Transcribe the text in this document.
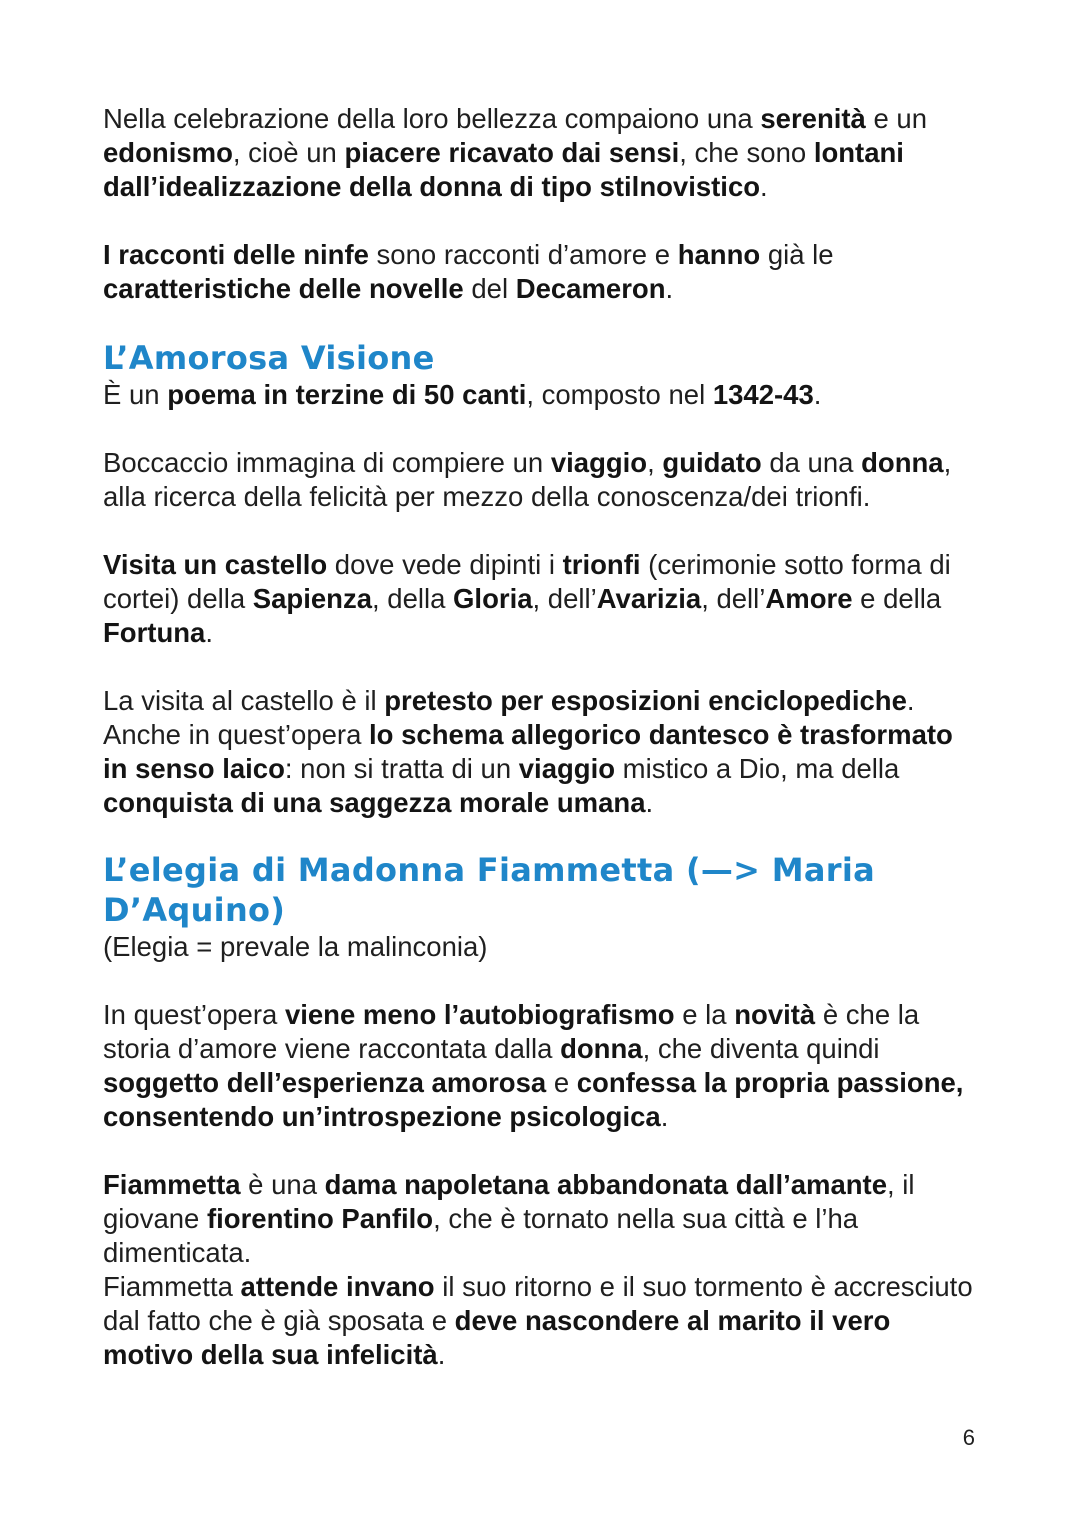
Nella celebrazione della loro bellezza compaiono una serenità e un edonismo, cioè un piacere ricavato dai sensi, che sono lontani dall’idealizzazione della donna di tipo stilnovistico.

I racconti delle ninfe sono racconti d’amore e hanno già le caratteristiche delle novelle del Decameron.

L’Amorosa Visione

È un poema in terzine di 50 canti, composto nel 1342-43.

Boccaccio immagina di compiere un viaggio, guidato da una donna, alla ricerca della felicità per mezzo della conoscenza/dei trionfi.

Visita un castello dove vede dipinti i trionfi (cerimonie sotto forma di cortei) della Sapienza, della Gloria, dell’Avarizia, dell’Amore e della Fortuna.

La visita al castello è il pretesto per esposizioni enciclopediche. Anche in quest’opera lo schema allegorico dantesco è trasformato in senso laico: non si tratta di un viaggio mistico a Dio, ma della conquista di una saggezza morale umana.

L’elegia di Madonna Fiammetta (—> Maria D’Aquino)

(Elegia = prevale la malinconia)

In quest’opera viene meno l’autobiografismo e la novità è che la storia d’amore viene raccontata dalla donna, che diventa quindi soggetto dell’esperienza amorosa e confessa la propria passione, consentendo un’introspezione psicologica.

Fiammetta è una dama napoletana abbandonata dall’amante, il giovane fiorentino Panfilo, che è tornato nella sua città e l’ha dimenticata.

Fiammetta attende invano il suo ritorno e il suo tormento è accresciuto dal fatto che è già sposata e deve nascondere al marito il vero motivo della sua infelicità.

6
